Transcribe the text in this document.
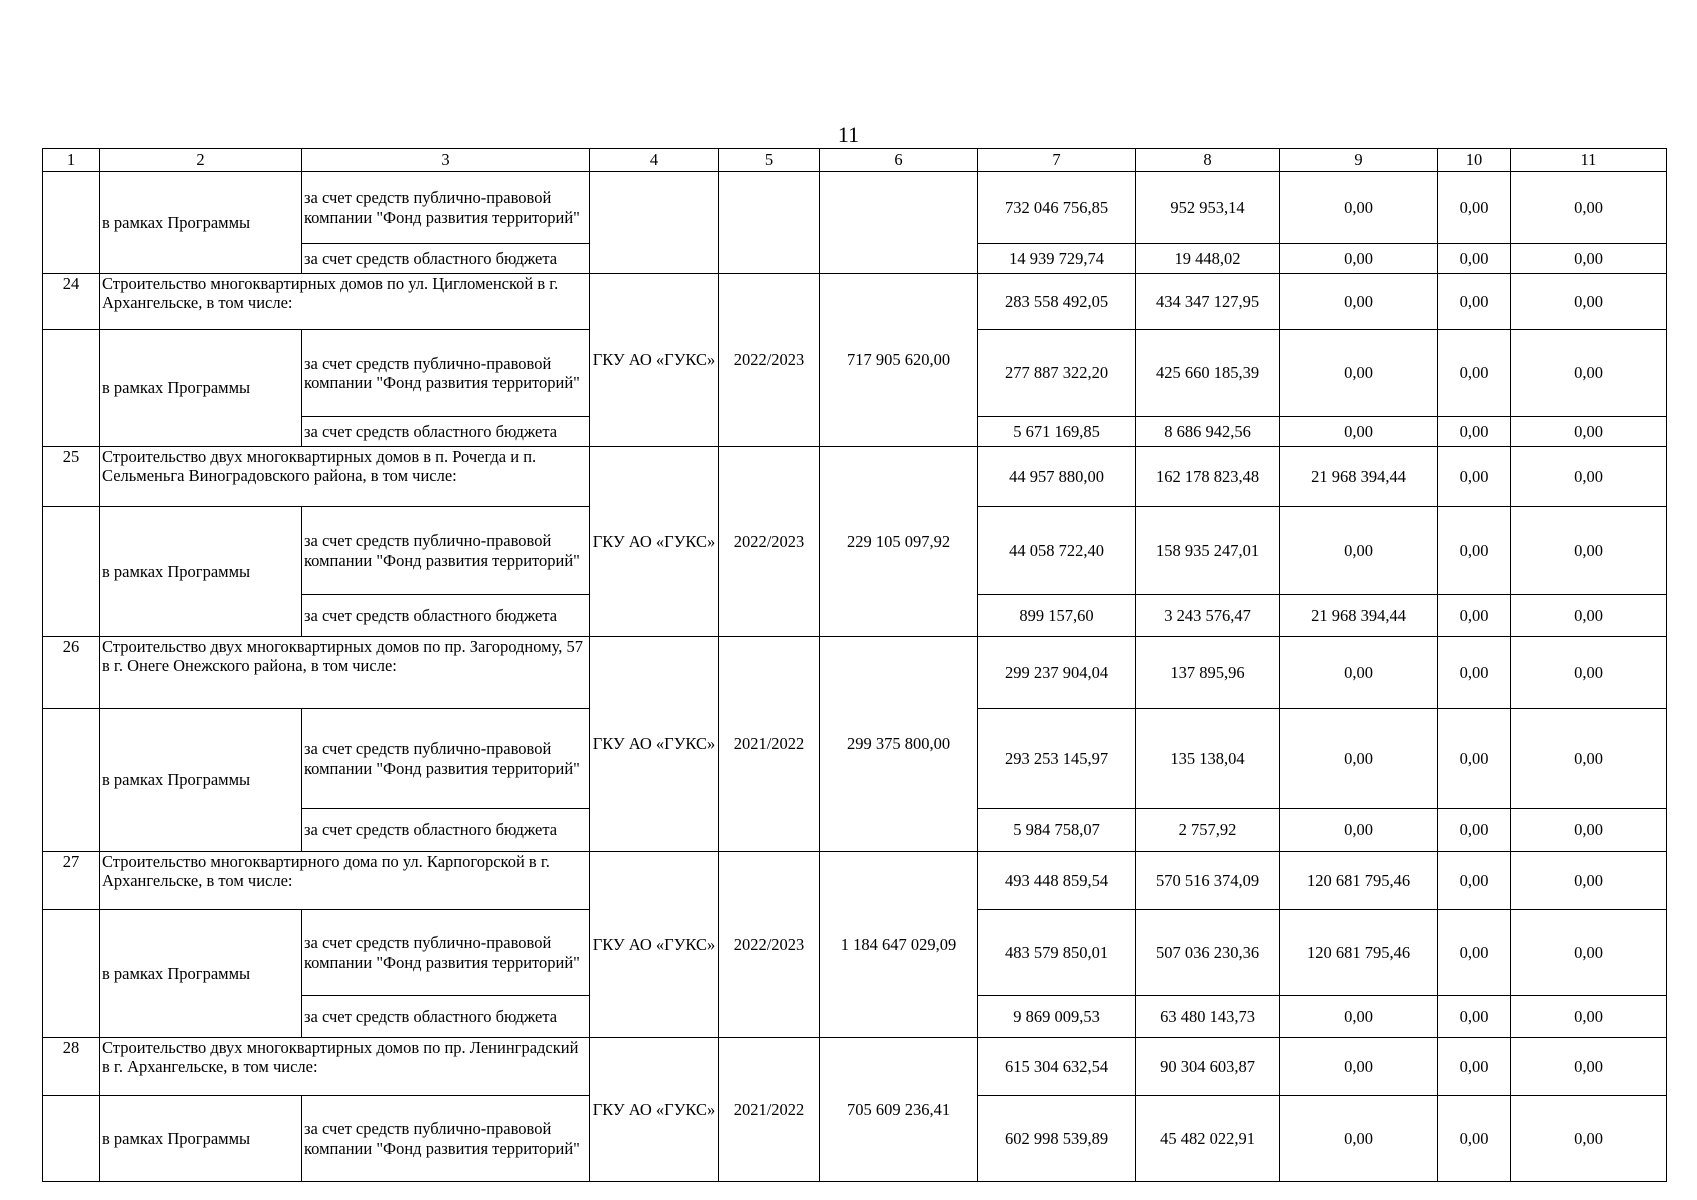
11
1	2	3	4	5	6	7	8	9	10	11
	в рамках Программы	за счет средств публично-правовой компании "Фонд развития территорий"				732 046 756,85	952 953,14	0,00	0,00	0,00
		за счет средств областного бюджета				14 939 729,74	19 448,02	0,00	0,00	0,00
24	Строительство многоквартирных домов по ул. Цигломенской в г. Архангельске, в том числе:		ГКУ АО «ГУКС»	2022/2023	717 905 620,00	283 558 492,05	434 347 127,95	0,00	0,00	0,00
	в рамках Программы	за счет средств публично-правовой компании "Фонд развития территорий"				277 887 322,20	425 660 185,39	0,00	0,00	0,00
		за счет средств областного бюджета				5 671 169,85	8 686 942,56	0,00	0,00	0,00
25	Строительство двух многоквартирных домов в п. Рочегда и п. Сельменьга Виноградовского района, в том числе:		ГКУ АО «ГУКС»	2022/2023	229 105 097,92	44 957 880,00	162 178 823,48	21 968 394,44	0,00	0,00
	в рамках Программы	за счет средств публично-правовой компании "Фонд развития территорий"				44 058 722,40	158 935 247,01	0,00	0,00	0,00
		за счет средств областного бюджета				899 157,60	3 243 576,47	21 968 394,44	0,00	0,00
26	Строительство двух многоквартирных домов по пр. Загородному, 57 в г. Онеге Онежского района, в том числе:		ГКУ АО «ГУКС»	2021/2022	299 375 800,00	299 237 904,04	137 895,96	0,00	0,00	0,00
	в рамках Программы	за счет средств публично-правовой компании "Фонд развития территорий"				293 253 145,97	135 138,04	0,00	0,00	0,00
		за счет средств областного бюджета				5 984 758,07	2 757,92	0,00	0,00	0,00
27	Строительство многоквартирного дома по ул. Карпогорской в г. Архангельске, в том числе:		ГКУ АО «ГУКС»	2022/2023	1 184 647 029,09	493 448 859,54	570 516 374,09	120 681 795,46	0,00	0,00
	в рамках Программы	за счет средств публично-правовой компании "Фонд развития территорий"				483 579 850,01	507 036 230,36	120 681 795,46	0,00	0,00
		за счет средств областного бюджета				9 869 009,53	63 480 143,73	0,00	0,00	0,00
28	Строительство двух многоквартирных домов по пр. Ленинградский в г. Архангельске, в том числе:		ГКУ АО «ГУКС»	2021/2022	705 609 236,41	615 304 632,54	90 304 603,87	0,00	0,00	0,00
	в рамках Программы	за счет средств публично-правовой компании "Фонд развития территорий"				602 998 539,89	45 482 022,91	0,00	0,00	0,00
